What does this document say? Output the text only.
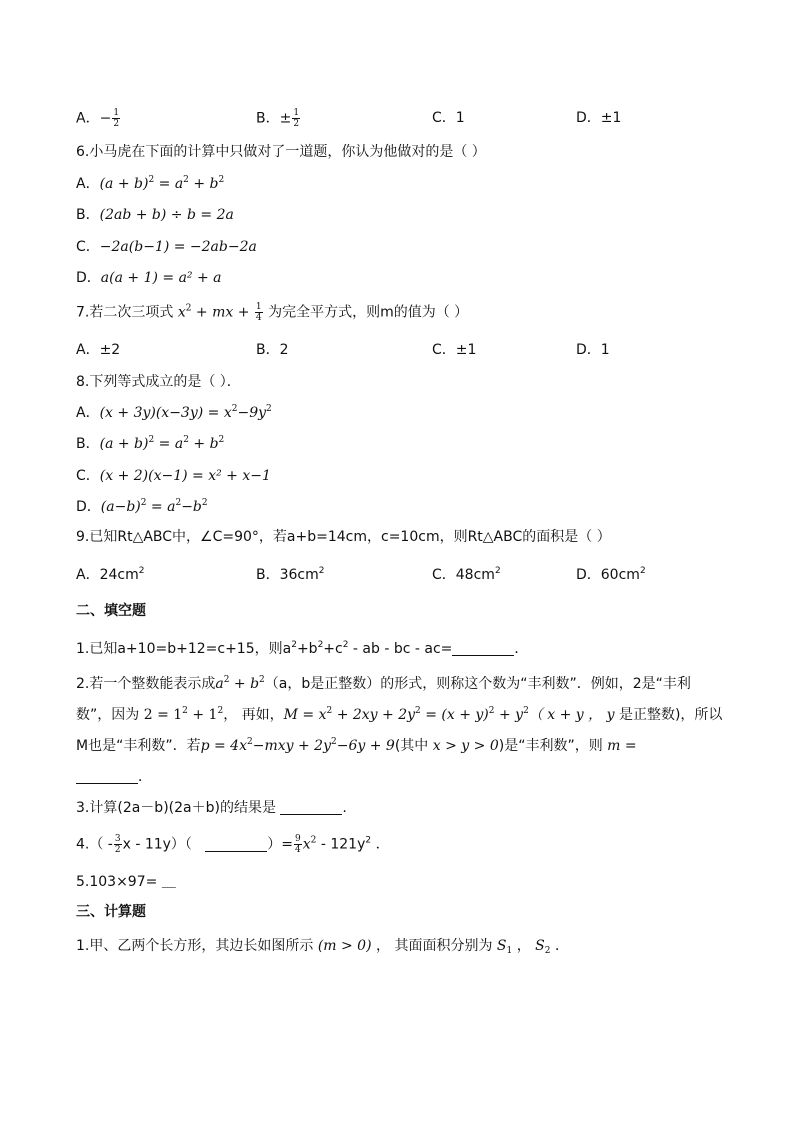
A．− $\frac{1}{2}$	B．± $\frac{1}{2}$	C．1	D．±1
6.小马虎在下面的计算中只做对了一道题，你认为他做对的是（ ）
A．$(a + b)^2 = a^2 + b^2$
B．(2ab + b) ÷ b = 2a
C．−2a(b−1) = −2ab−2a
D．a(a + 1) = a² + a
7.若二次三项式 $x^2$ + mx + $\frac{1}{4}$ 为完全平方式，则m的值为（ ）
A．±2	B．2	C．±1	D．1
8.下列等式成立的是（ ）．
A．$(x + 3y)(x-3y) = x^2-9y^2$
B．$(a + b)^2 = a^2 + b^2$
C．(x + 2)(x−1) = x² + x−1
D．$(a-b)^2 = a^2-b^2$
9.已知Rt△ABC中，∠C=90°，若a+b=14cm，c=10cm，则Rt△ABC的面积是（ ）
A．$24cm^2$	B．$36cm^2$	C．$48cm^2$	D．$60cm^2$
二、填空题
1.已知a+10=b+12=c+15，则$a^2+b^2+c^2$ - ab - bc - ac=	．
2.若一个整数能表示成$a^2 + b^2(a$，b是正整数）的形式，则称这个数为“丰利数”．例如，2是“丰利
数”，因为 $2 = 1^2 + 1^2$， 再如，$M = x^2 + 2xy + 2y^2 = (x + y)^2 + y^2$（ x + y ， y 是正整数)，所以
M也是“丰利数”．若$p = 4x^2-mxy + 2y^2-6y + 9$(其中 x > y > 0)是“丰利数”，则 m =
．
3.计算(2a－b)(2a＋b)的结果是	.
$4.( - \frac{3}{2}$ x - 11y）（	）= $\frac{9}{4} x^2 - 121y^2$ ．
5.103×97= ＿
三、计算题
1.甲、乙两个长方形，其边长如图所示 (m > 0) ， 其面面积分别为 $S_1$ ， $S_2$ ．
